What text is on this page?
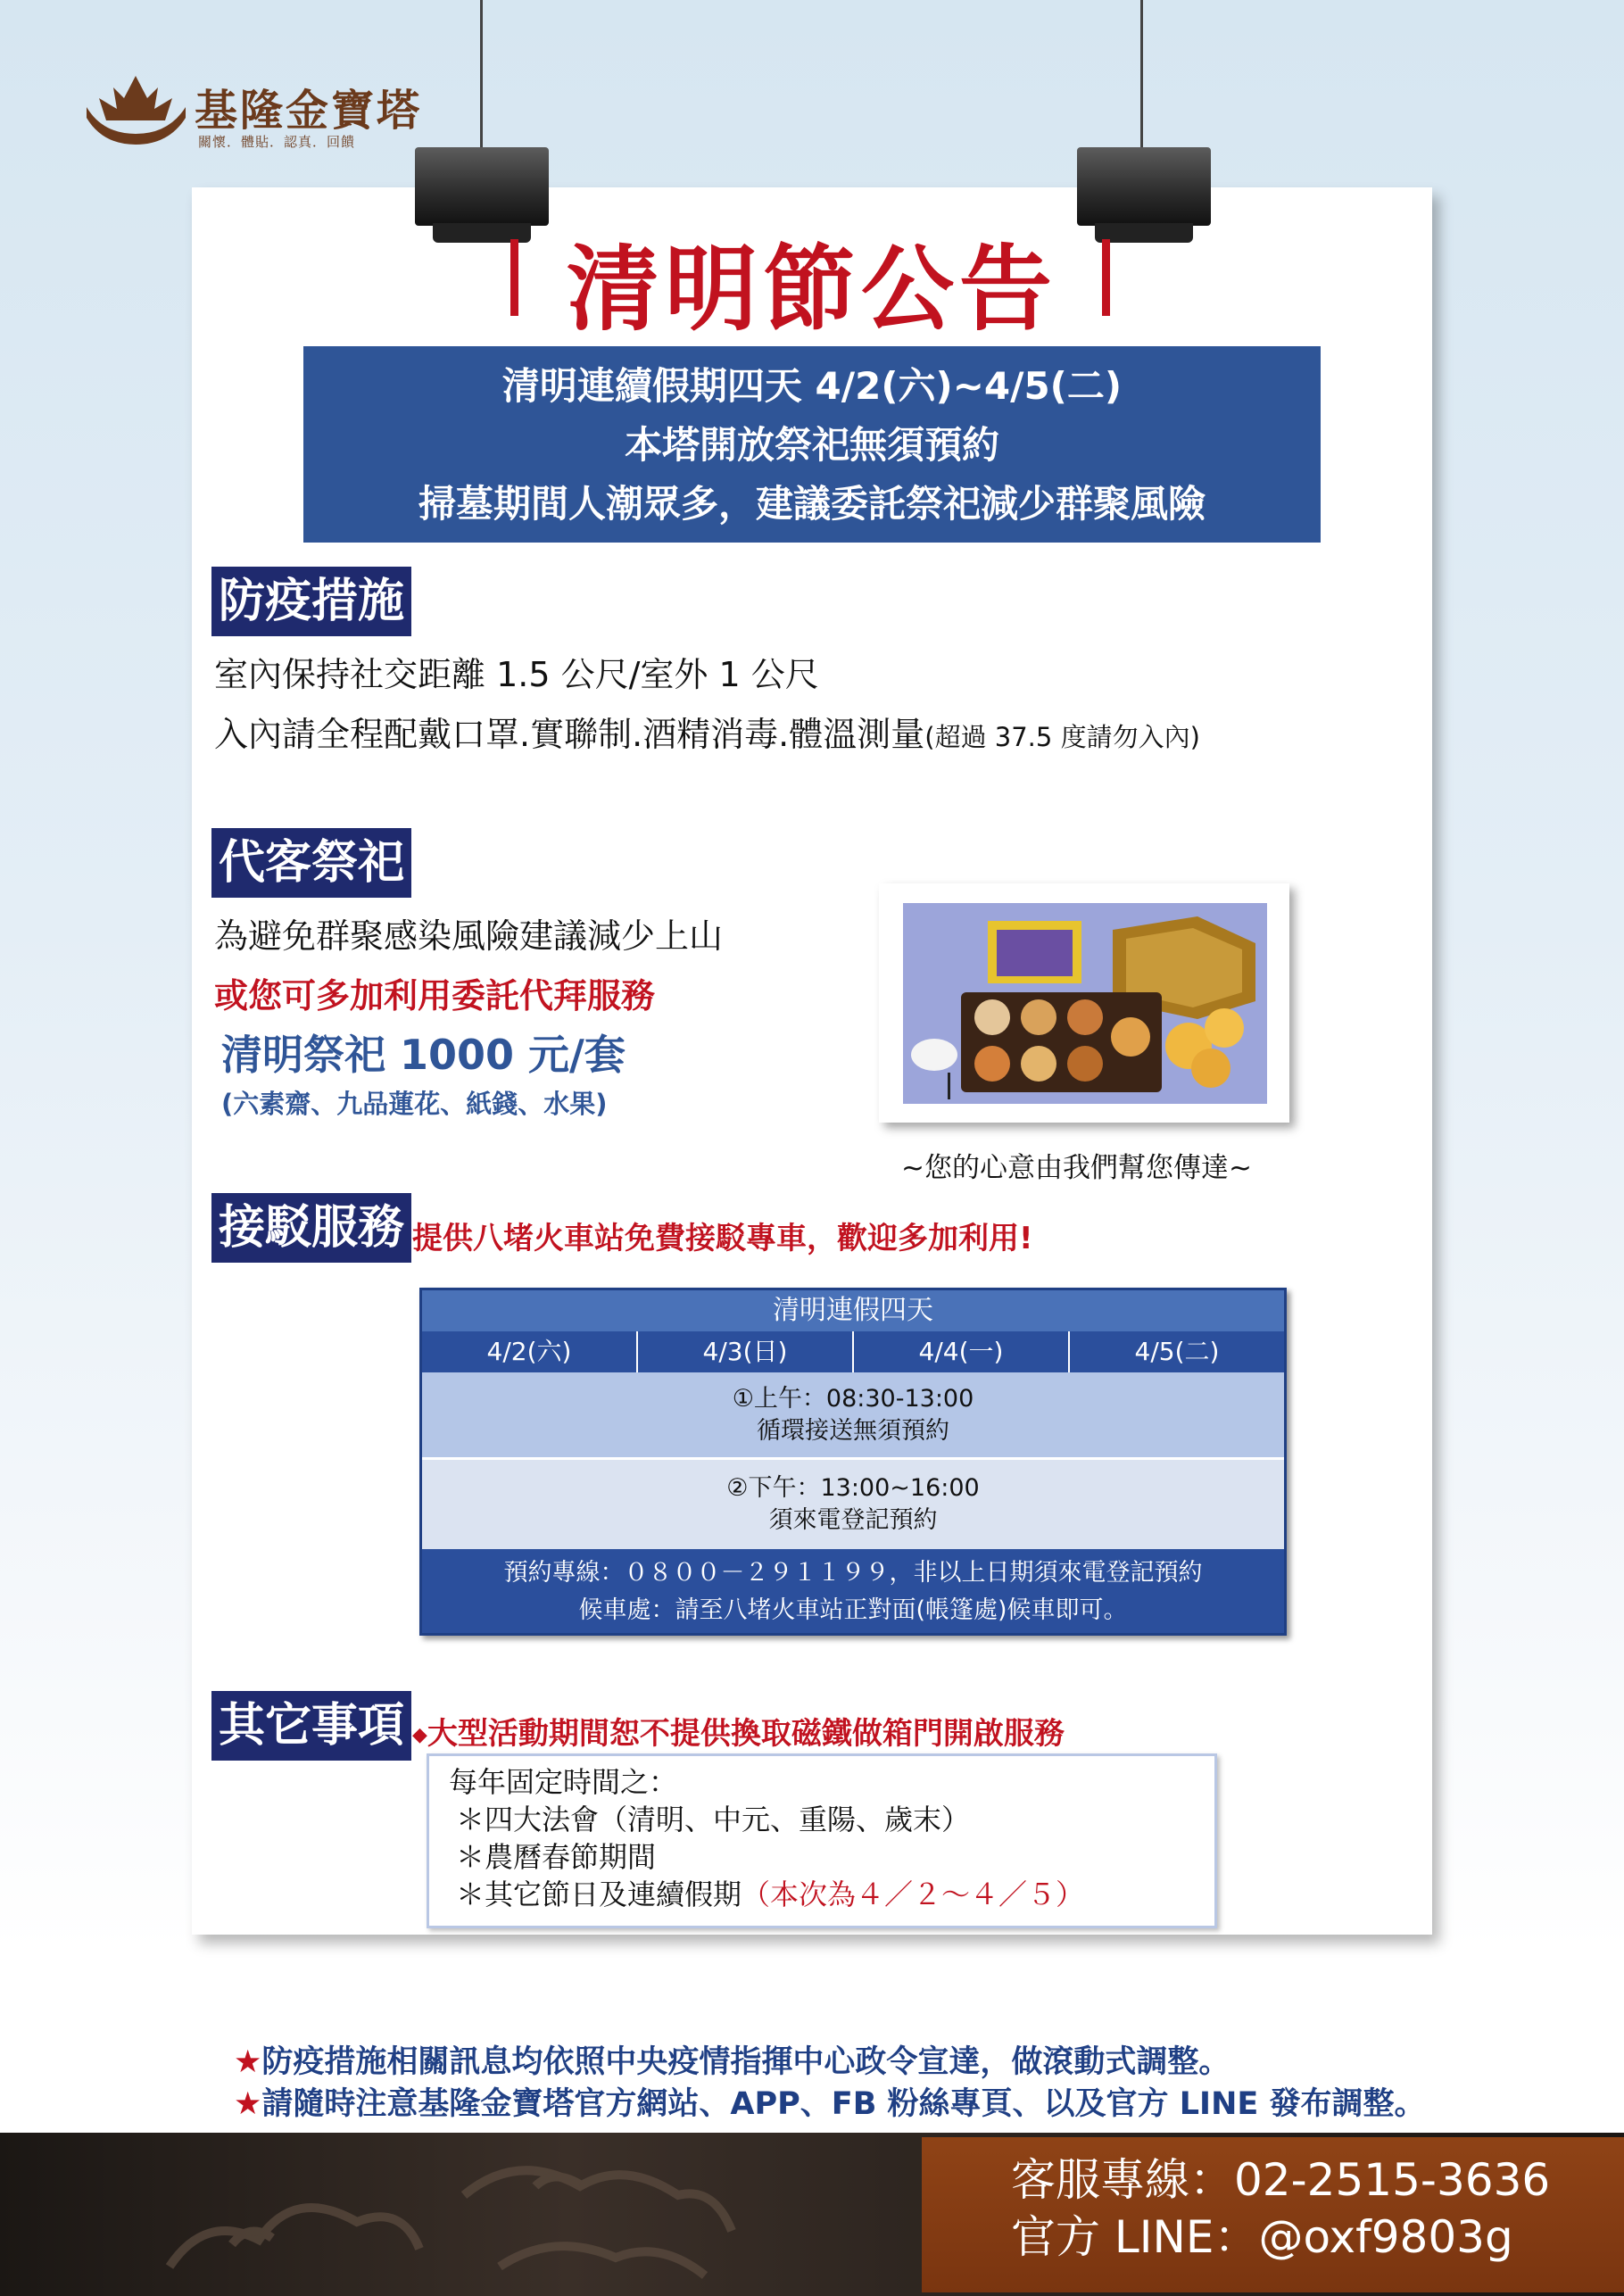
基隆金寶塔
關懷．體貼．認真．回饋
清明節公告
清明連續假期四天 4/2(六)~4/5(二)
本塔開放祭祀無須預約
掃墓期間人潮眾多，建議委託祭祀減少群聚風險
防疫措施
室內保持社交距離 1.5 公尺/室外 1 公尺
入內請全程配戴口罩.實聯制.酒精消毒.體溫測量(超過 37.5 度請勿入內)
代客祭祀
為避免群聚感染風險建議減少上山
或您可多加利用委託代拜服務
清明祭祀 1000 元/套
(六素齋、九品蓮花、紙錢、水果)
~您的心意由我們幫您傳達~
接駁服務 提供八堵火車站免費接駁專車，歡迎多加利用!
清明連假四天
4/2(六)	4/3(日)	4/4(一)	4/5(二)
①上午：08:30-13:00
循環接送無須預約
②下午：13:00~16:00
須來電登記預約
預約專線：０８００－２９１１９９，非以上日期須來電登記預約
候車處：請至八堵火車站正對面(帳篷處)候車即可。
其它事項 ◆大型活動期間恕不提供換取磁鐵做箱門開啟服務
每年固定時間之：
＊四大法會（清明、中元、重陽、歲末）
＊農曆春節期間
＊其它節日及連續假期（本次為４／２～４／５）
★防疫措施相關訊息均依照中央疫情指揮中心政令宣達，做滾動式調整。
★請隨時注意基隆金寶塔官方網站、APP、FB 粉絲專頁、以及官方 LINE 發布調整。
客服專線：02-2515-3636
官方 LINE：@oxf9803g
